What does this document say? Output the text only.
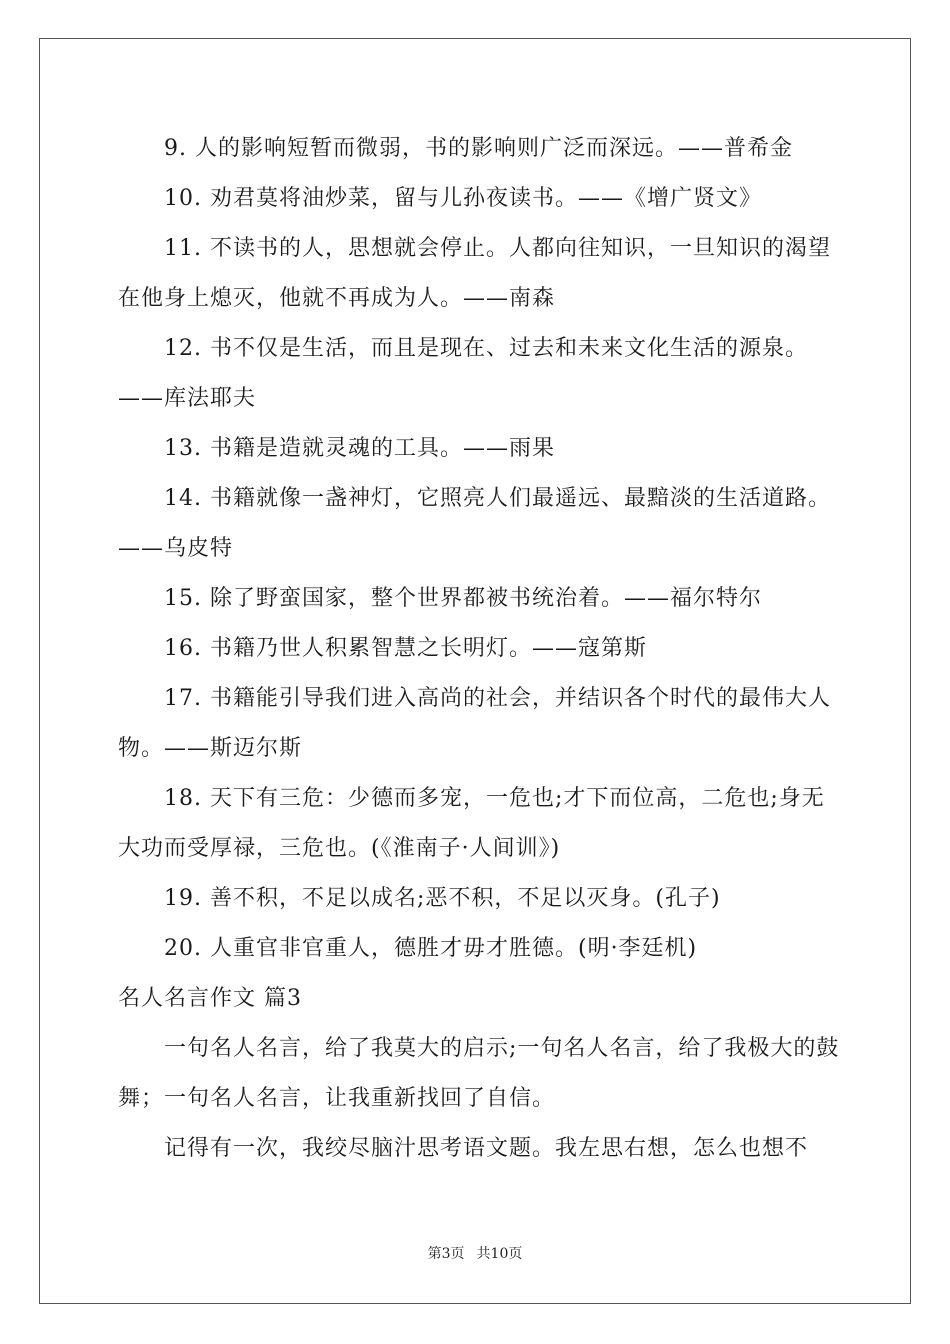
9. 人的影响短暂而微弱，书的影响则广泛而深远。——普希金

10. 劝君莫将油炒菜，留与儿孙夜读书。——《增广贤文》

11. 不读书的人，思想就会停止。人都向往知识，一旦知识的渴望在他身上熄灭，他就不再成为人。——南森

12. 书不仅是生活，而且是现在、过去和未来文化生活的源泉。——库法耶夫

13. 书籍是造就灵魂的工具。——雨果

14. 书籍就像一盏神灯，它照亮人们最遥远、最黯淡的生活道路。——乌皮特

15. 除了野蛮国家，整个世界都被书统治着。——福尔特尔

16. 书籍乃世人积累智慧之长明灯。——寇第斯

17. 书籍能引导我们进入高尚的社会，并结识各个时代的最伟大人物。——斯迈尔斯

18. 天下有三危：少德而多宠，一危也;才下而位高，二危也;身无大功而受厚禄，三危也。(《淮南子·人间训》)

19. 善不积，不足以成名;恶不积，不足以灭身。(孔子)

20. 人重官非官重人，德胜才毋才胜德。(明·李廷机)

名人名言作文 篇3

一句名人名言，给了我莫大的启示;一句名人名言，给了我极大的鼓舞；一句名人名言，让我重新找回了自信。

记得有一次，我绞尽脑汁思考语文题。我左思右想，怎么也想不

第3页 共10页
